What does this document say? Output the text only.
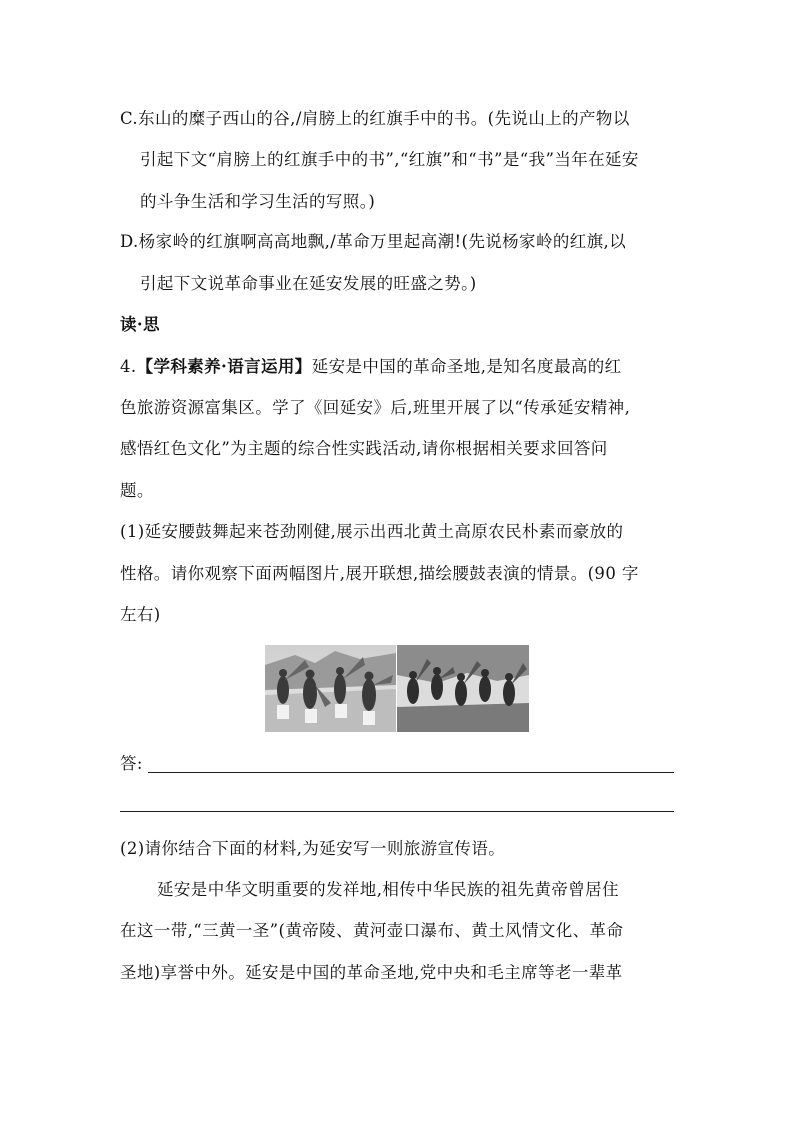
C.东山的糜子西山的谷,/肩膀上的红旗手中的书。(先说山上的产物以
引起下文“肩膀上的红旗手中的书”,“红旗”和“书”是“我”当年在延安
的斗争生活和学习生活的写照。)
D.杨家岭的红旗啊高高地飘,/革命万里起高潮!(先说杨家岭的红旗,以
引起下文说革命事业在延安发展的旺盛之势。)
读·思
4.【学科素养·语言运用】延安是中国的革命圣地,是知名度最高的红
色旅游资源富集区。学了《回延安》后,班里开展了以“传承延安精神,
感悟红色文化”为主题的综合性实践活动,请你根据相关要求回答问
题。
(1)延安腰鼓舞起来苍劲刚健,展示出西北黄土高原农民朴素而豪放的
性格。请你观察下面两幅图片,展开联想,描绘腰鼓表演的情景。(90 字
左右)
答:
(2)请你结合下面的材料,为延安写一则旅游宣传语。
延安是中华文明重要的发祥地,相传中华民族的祖先黄帝曾居住
在这一带,“三黄一圣”(黄帝陵、黄河壶口瀑布、黄土风情文化、革命
圣地)享誉中外。延安是中国的革命圣地,党中央和毛主席等老一辈革
